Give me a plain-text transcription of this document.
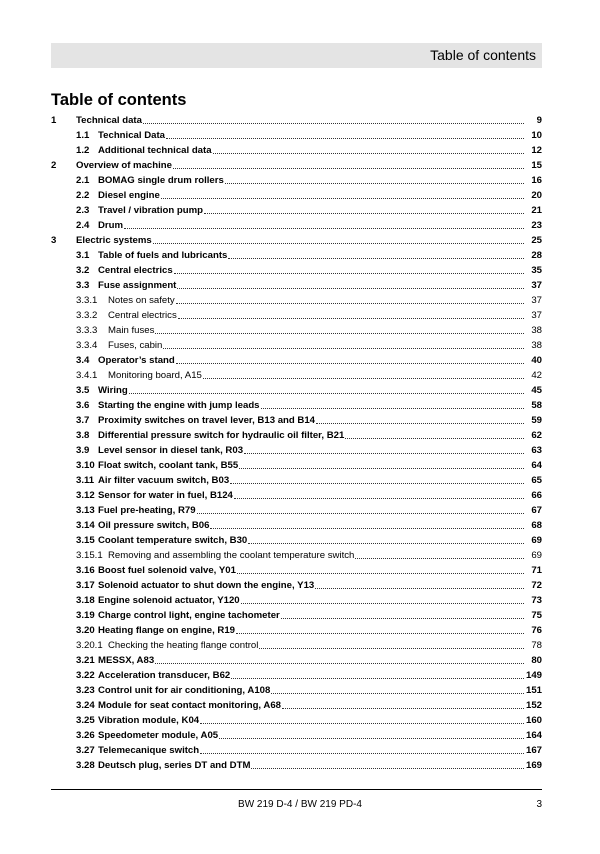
Table of contents
Table of contents
1	Technical data	9
1.1 Technical Data	10
1.2 Additional technical data	12
2	Overview of machine	15
2.1 BOMAG single drum rollers	16
2.2 Diesel engine	20
2.3 Travel / vibration pump	21
2.4 Drum	23
3	Electric systems	25
3.1 Table of fuels and lubricants	28
3.2 Central electrics	35
3.3 Fuse assignment	37
3.3.1	Notes on safety	37
3.3.2	Central electrics	37
3.3.3	Main fuses	38
3.3.4	Fuses, cabin	38
3.4 Operator’s stand	40
3.4.1	Monitoring board, A15	42
3.5 Wiring	45
3.6 Starting the engine with jump leads	58
3.7 Proximity switches on travel lever, B13 and B14	59
3.8 Differential pressure switch for hydraulic oil filter, B21	62
3.9 Level sensor in diesel tank, R03	63
3.10 Float switch, coolant tank, B55	64
3.11 Air filter vacuum switch, B03	65
3.12 Sensor for water in fuel, B124	66
3.13 Fuel pre-heating, R79	67
3.14 Oil pressure switch, B06	68
3.15 Coolant temperature switch, B30	69
3.15.1 Removing and assembling the coolant temperature switch	69
3.16 Boost fuel solenoid valve, Y01	71
3.17 Solenoid actuator to shut down the engine, Y13	72
3.18 Engine solenoid actuator, Y120	73
3.19 Charge control light, engine tachometer	75
3.20 Heating flange on engine, R19	76
3.20.1 Checking the heating flange control	78
3.21 MESSX, A83	80
3.22 Acceleration transducer, B62	149
3.23 Control unit for air conditioning, A108	151
3.24 Module for seat contact monitoring, A68	152
3.25 Vibration module, K04	160
3.26 Speedometer module, A05	164
3.27 Telemecanique switch	167
3.28 Deutsch plug, series DT and DTM	169
BW 219 D-4 / BW 219 PD-4	3
